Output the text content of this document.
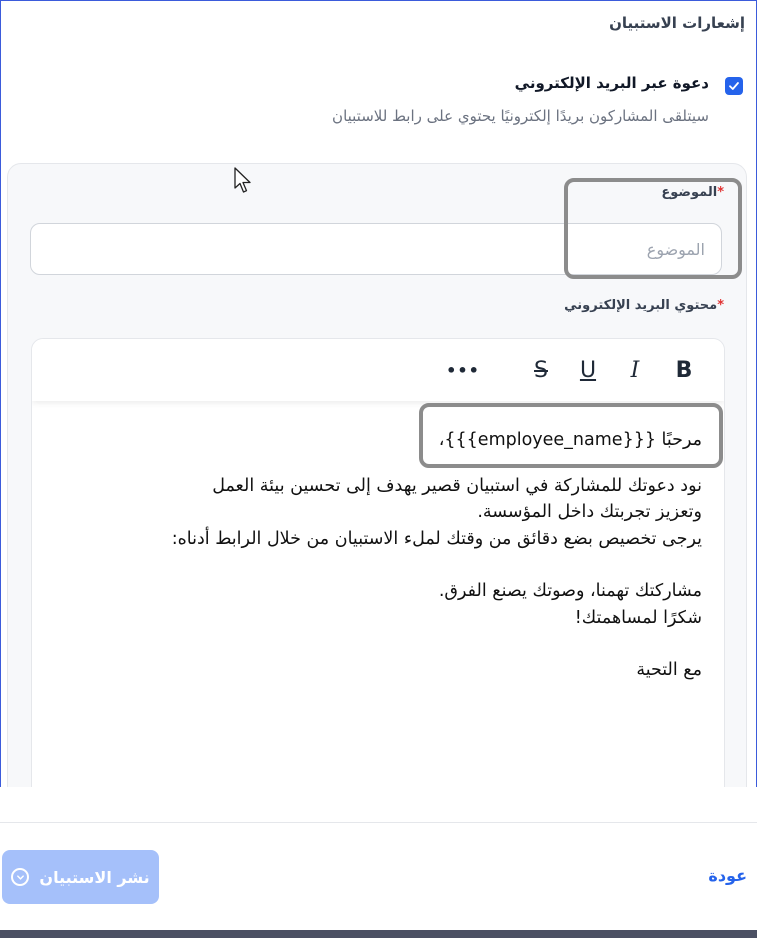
إشعارات الاستبيان
دعوة عبر البريد الإلكتروني
سيتلقى المشاركون بريدًا إلكترونيًا يحتوي على رابط للاستبيان
الموضوع*
الموضوع
محتوي البريد الإلكتروني*
B
I
U
S
•••

مرحبًا {{{employee_name}}}،

نود دعوتك للمشاركة في استبيان قصير يهدف إلى تحسين بيئة العمل

وتعزيز تجربتك داخل المؤسسة.

يرجى تخصيص بضع دقائق من وقتك لملء الاستبيان من خلال الرابط أدناه:

مشاركتك تهمنا، وصوتك يصنع الفرق.

شكرًا لمساهمتك!

مع التحية

نشر الاستبيان	عودة
